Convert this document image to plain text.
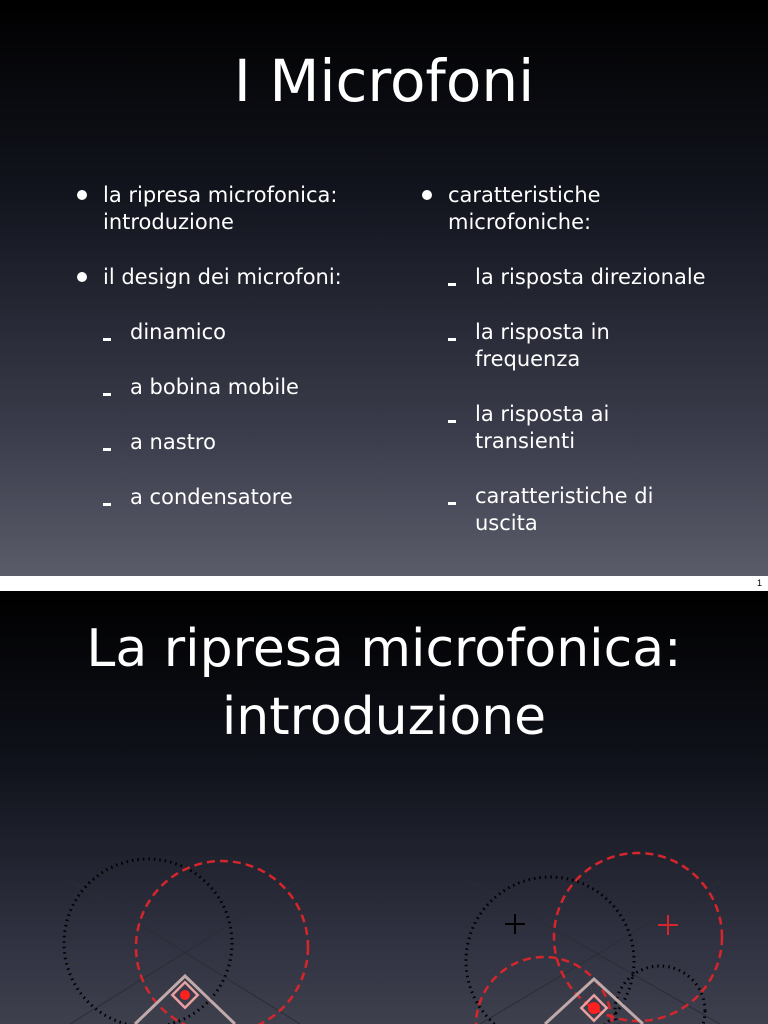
I Microfoni
la ripresa microfonica: introduzione
il design dei microfoni:
dinamico
a bobina mobile
a nastro
a condensatore
caratteristiche microfoniche:
la risposta direzionale
la risposta in frequenza
la risposta ai transienti
caratteristiche di uscita
1
La ripresa microfonica:
introduzione
